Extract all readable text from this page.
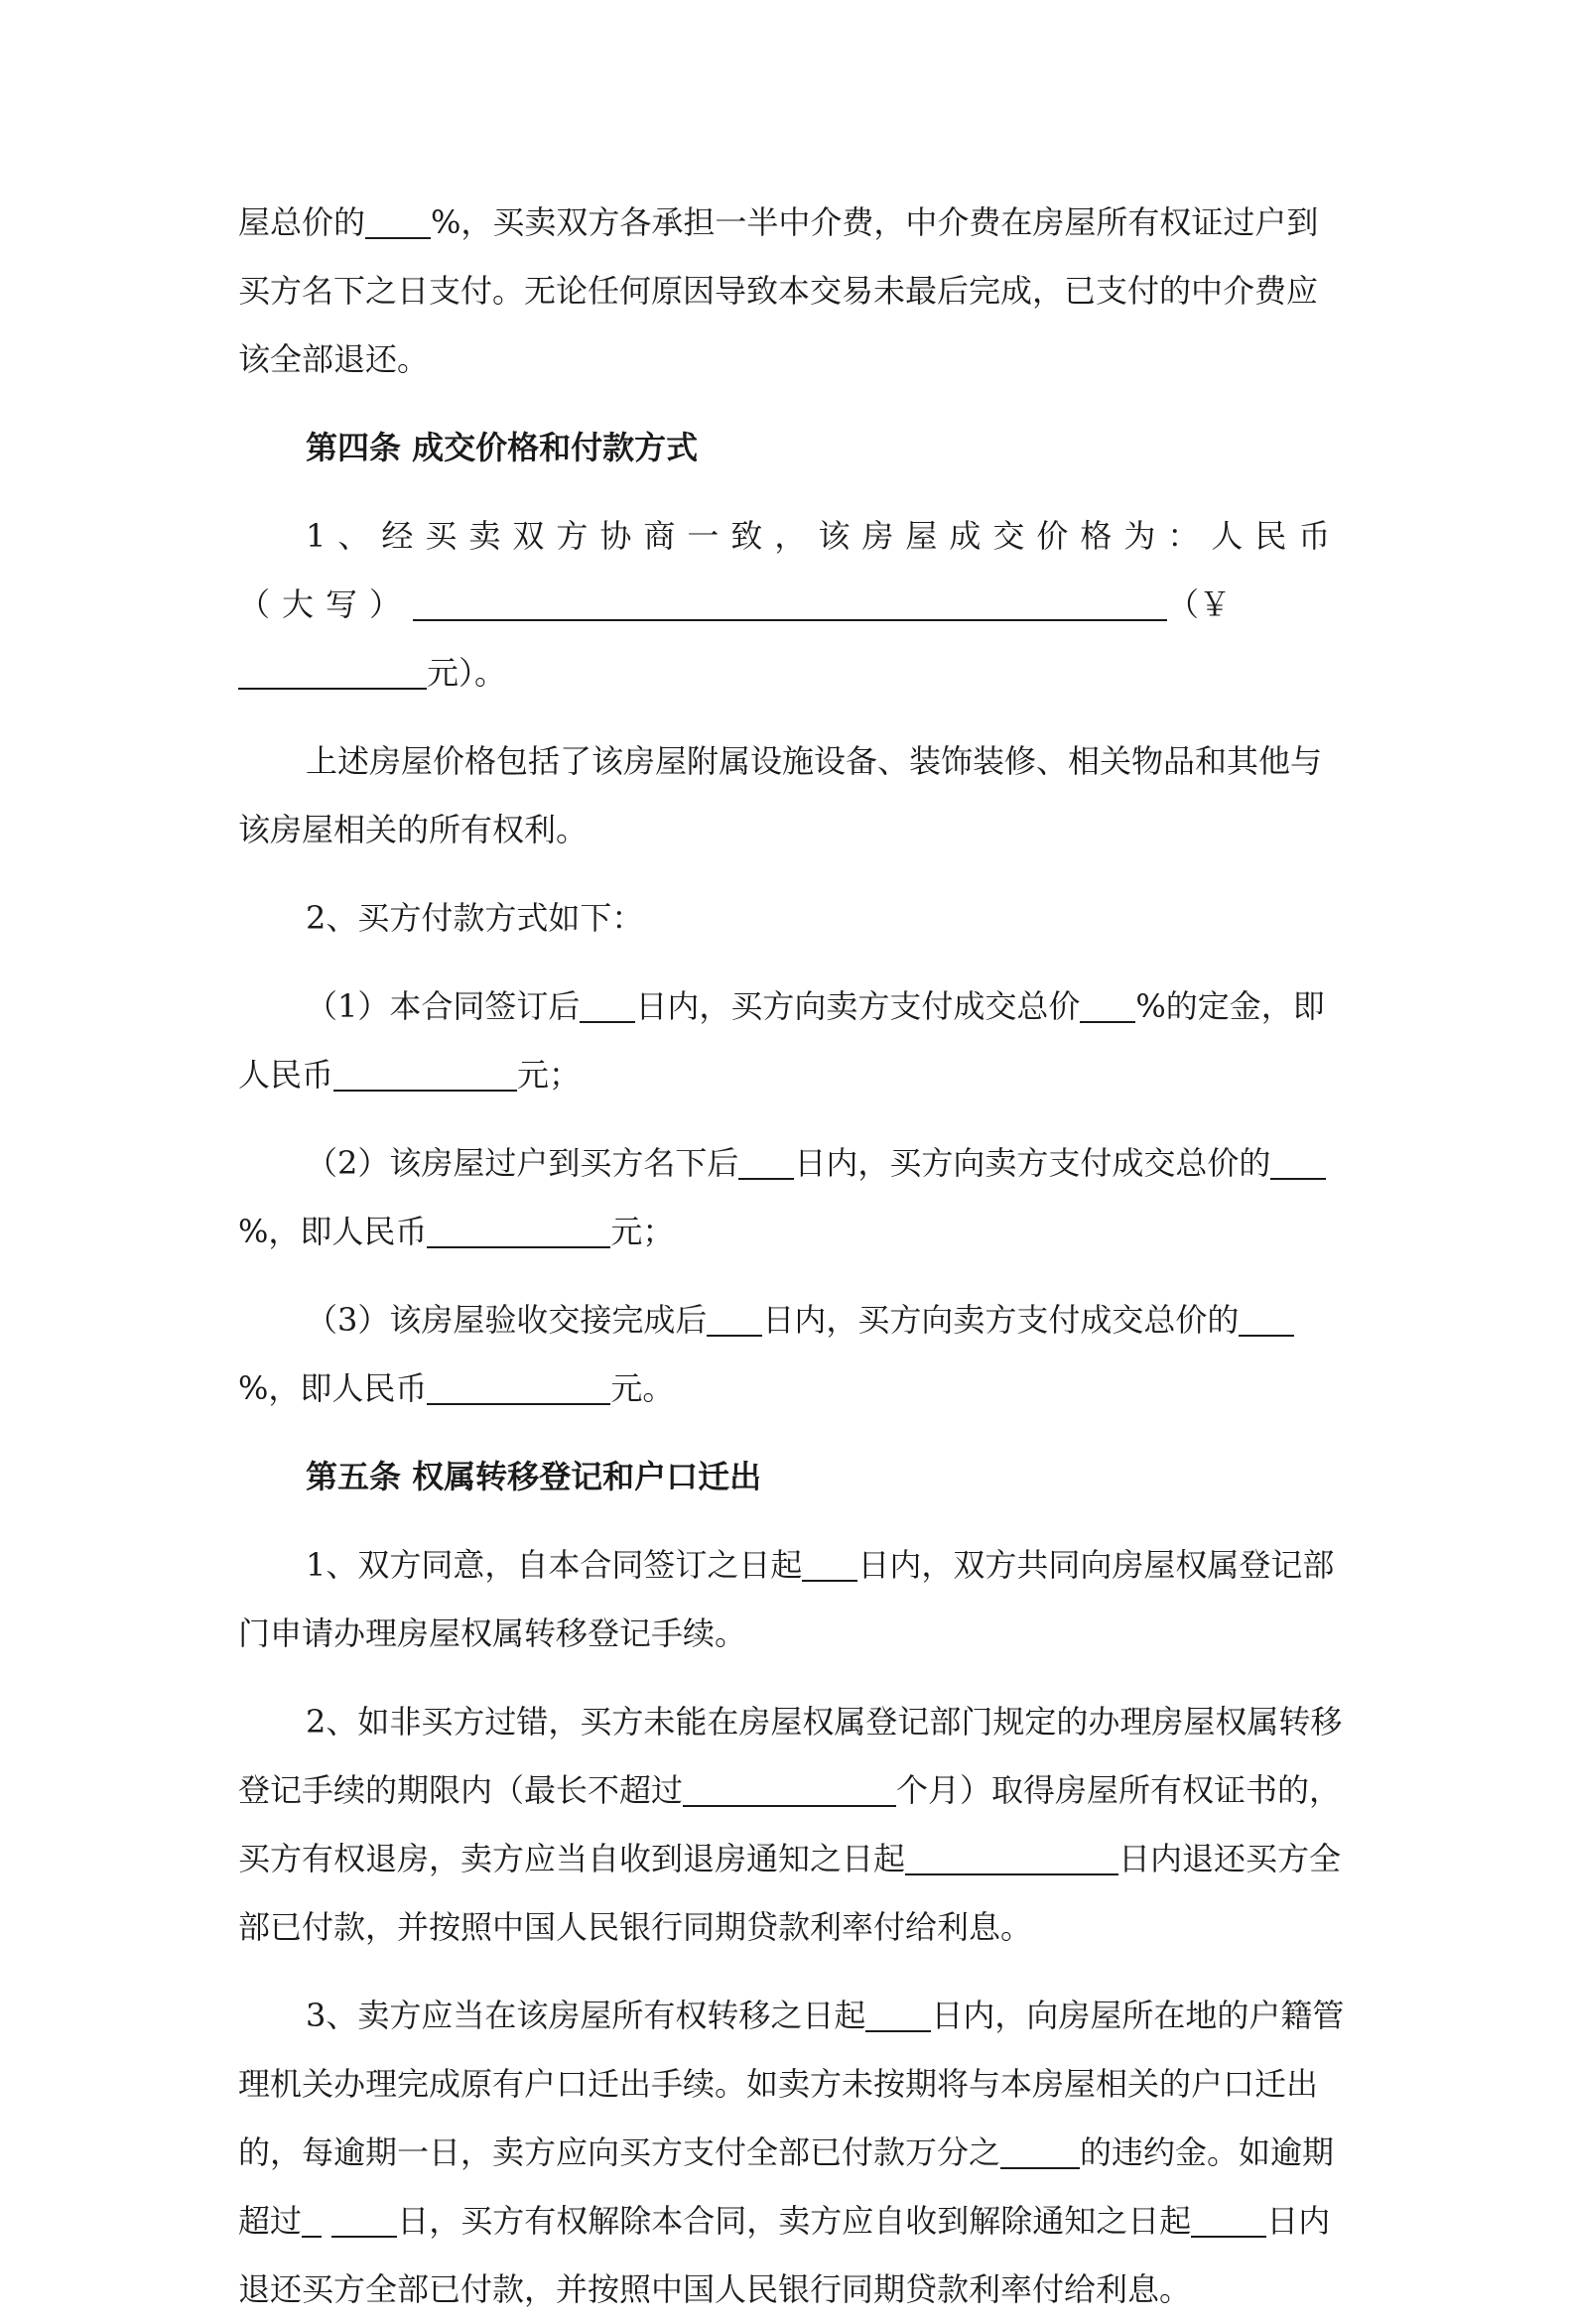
屋总价的 %，买卖双方各承担一半中介费，中介费在房屋所有权证过户到买方名下之日支付。无论任何原因导致本交易未最后完成，已支付的中介费应该全部退还。

第四条 成交价格和付款方式

1、经买卖双方协商一致，该房屋成交价格为：人民币（大写）	（￥元）。

上述房屋价格包括了该房屋附属设施设备、装饰装修、相关物品和其他与该房屋相关的所有权利。

2、买方付款方式如下：

（1）本合同签订后 日内，买方向卖方支付成交总价 %的定金，即人民币	元；

（2）该房屋过户到买方名下后 日内，买方向卖方支付成交总价的%，即人民币	元；

（3）该房屋验收交接完成后 日内，买方向卖方支付成交总价的%，即人民币	元。

第五条 权属转移登记和户口迁出

1、双方同意，自本合同签订之日起 日内，双方共同向房屋权属登记部门申请办理房屋权属转移登记手续。

2、如非买方过错，买方未能在房屋权属登记部门规定的办理房屋权属转移登记手续的期限内（最长不超过	个月）取得房屋所有权证书的，买方有权退房，卖方应当自收到退房通知之日起	日内退还买方全部已付款，并按照中国人民银行同期贷款利率付给利息。

3、卖方应当在该房屋所有权转移之日起 日内，向房屋所在地的户籍管理机关办理完成原有户口迁出手续。如卖方未按期将与本房屋相关的户口迁出的，每逾期一日，卖方应向买方支付全部已付款万分之	的违约金。如逾期超过	日，买方有权解除本合同，卖方应自收到解除通知之日起 日内退还买方全部已付款，并按照中国人民银行同期贷款利率付给利息。
